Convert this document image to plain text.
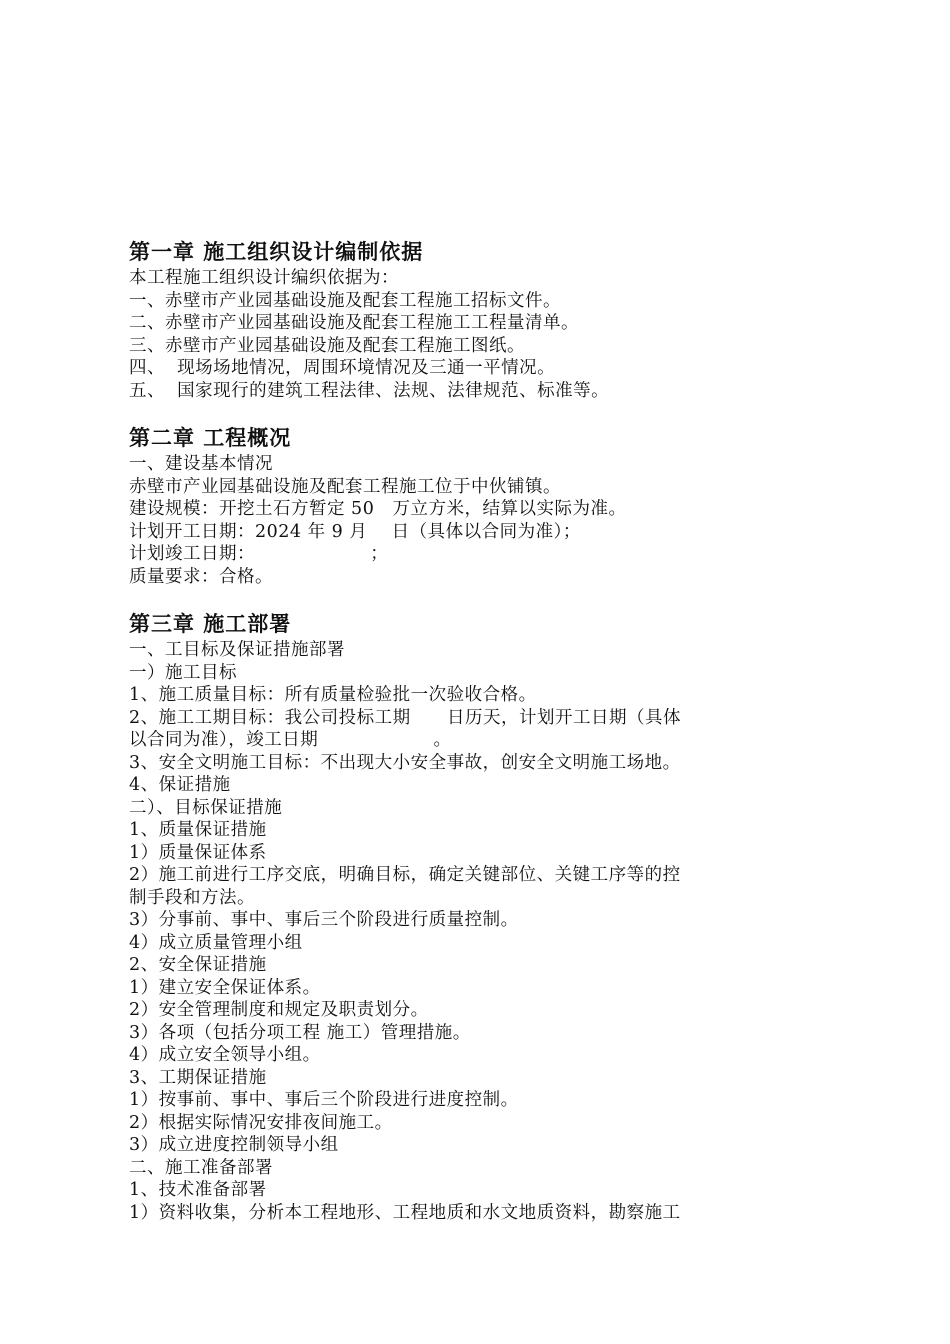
第一章 施工组织设计编制依据

本工程施工组织设计编织依据为：

一、赤壁市产业园基础设施及配套工程施工招标文件。

二、赤壁市产业园基础设施及配套工程施工工程量清单。

三、赤壁市产业园基础设施及配套工程施工图纸。

四、  现场场地情况，周围环境情况及三通一平情况。

五、  国家现行的建筑工程法律、法规、法律规范、标准等。

第二章 工程概况

一、建设基本情况

赤壁市产业园基础设施及配套工程施工位于中伙铺镇。

建设规模：开挖土石方暂定 50   万立方米，结算以实际为准。

计划开工日期：2024 年 9 月    日（具体以合同为准）；

计划竣工日期：                   ；

质量要求：合格。

第三章 施工部署

一、工目标及保证措施部署

一）施工目标

1、施工质量目标：所有质量检验批一次验收合格。

2、施工工期目标：我公司投标工期      日历天，计划开工日期（具体

以合同为准），竣工日期                   。

3、安全文明施工目标：不出现大小安全事故，创安全文明施工场地。

4、保证措施

二）、目标保证措施

1、质量保证措施

1）质量保证体系

2）施工前进行工序交底，明确目标，确定关键部位、关键工序等的控

制手段和方法。

3）分事前、事中、事后三个阶段进行质量控制。

4）成立质量管理小组

2、安全保证措施

1）建立安全保证体系。

2）安全管理制度和规定及职责划分。

3）各项（包括分项工程 施工）管理措施。

4）成立安全领导小组。

3、工期保证措施

1）按事前、事中、事后三个阶段进行进度控制。

2）根据实际情况安排夜间施工。

3）成立进度控制领导小组

二、施工准备部署

1、技术准备部署

1）资料收集，分析本工程地形、工程地质和水文地质资料，勘察施工
